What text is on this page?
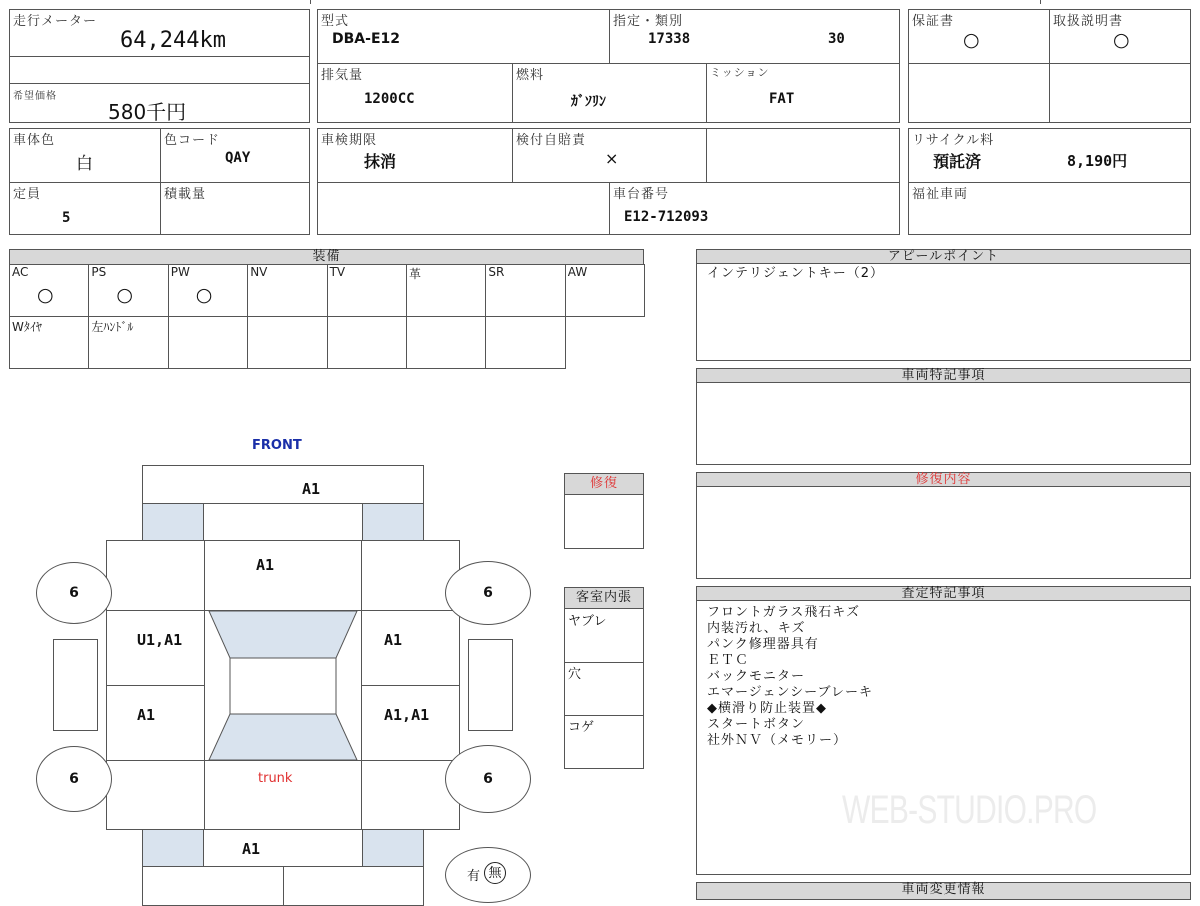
走行メーター
64,244km
希望価格
580千円
型式
DBA-E12
指定・類別
17338	30
排気量
1200CC
燃料
ｶﾞｿﾘﾝ
ミッション
FAT
保証書
○
取扱説明書
○
車体色
白
色コード
QAY
定員
5
積載量
車検期限
抹消
検付自賠責
×
車台番号
E12-712093
リサイクル料
預託済	8,190円
福祉車両
装備
AC
○
PS
○
PW
○
NV	TV	革	SR	AW
Wﾀｲﾔ	左ﾊﾝﾄﾞﾙ
アピールポイント
インテリジェントキー（2）
車両特記事項
修復内容
査定特記事項
フロントガラス飛石キズ
内装汚れ、キズ
パンク修理器具有
ＥＴＣ
バックモニター
エマージェンシーブレーキ
◆横滑り防止装置◆
スタートボタン
社外ＮＶ（メモリー）
車両変更情報
WEB-STUDIO.PRO
修復
客室内張
ヤブレ
穴
コゲ
FRONT
A1
A1
U1,A1	A1
A1	A1,A1
trunk
A1
6	6
6	6
有 無
